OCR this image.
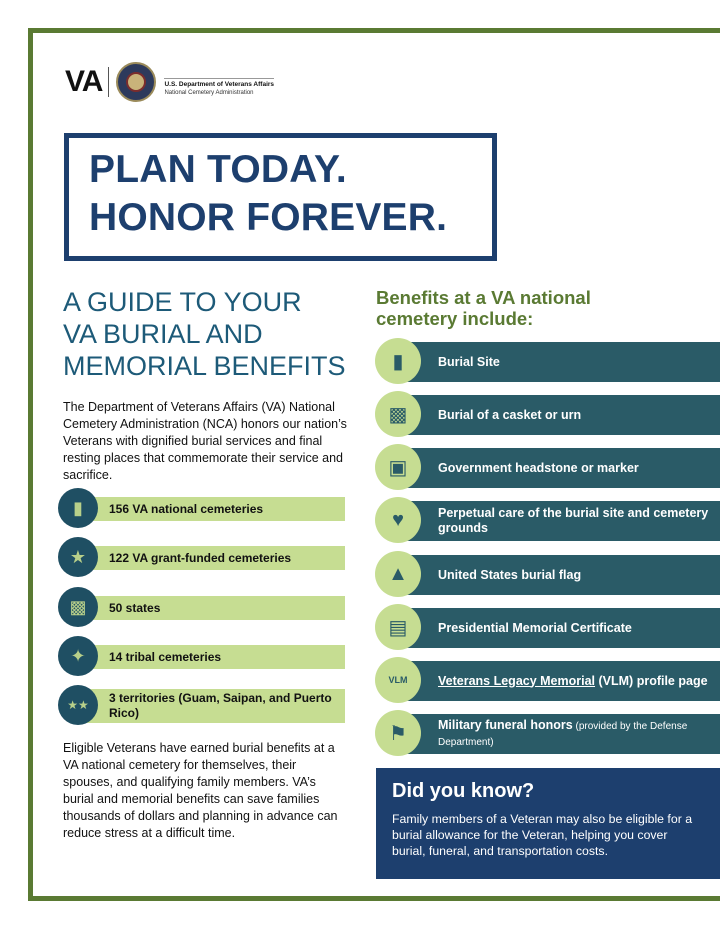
VA	U.S. Department of Veterans Affairs
National Cemetery Administration
PLAN TODAY.
HONOR FOREVER.
A GUIDE TO YOUR
VA BURIAL AND
MEMORIAL BENEFITS
The Department of Veterans Affairs (VA) National Cemetery Administration (NCA) honors our nation’s Veterans with dignified burial services and final resting places that commemorate their service and sacrifice.
▮	156 VA national cemeteries
★	122 VA grant-funded cemeteries
▩	50 states
✦	14 tribal cemeteries
★★	3 territories (Guam, Saipan, and Puerto Rico)
Eligible Veterans have earned burial benefits at a VA national cemetery for themselves, their spouses, and qualifying family members. VA’s burial and memorial benefits can save families thousands of dollars and planning in advance can reduce stress at a difficult time.
Benefits at a VA national cemetery include:
▮	Burial Site
▩	Burial of a casket or urn
▣	Government headstone or marker
♥	Perpetual care of the burial site and cemetery grounds
▲	United States burial flag
▤	Presidential Memorial Certificate
VLM Veterans Legacy Memorial (VLM) profile page
⚑	Military funeral honors (provided by the Defense Department)
Did you know?
Family members of a Veteran may also be eligible for a burial allowance for the Veteran, helping you cover burial, funeral, and transportation costs.
